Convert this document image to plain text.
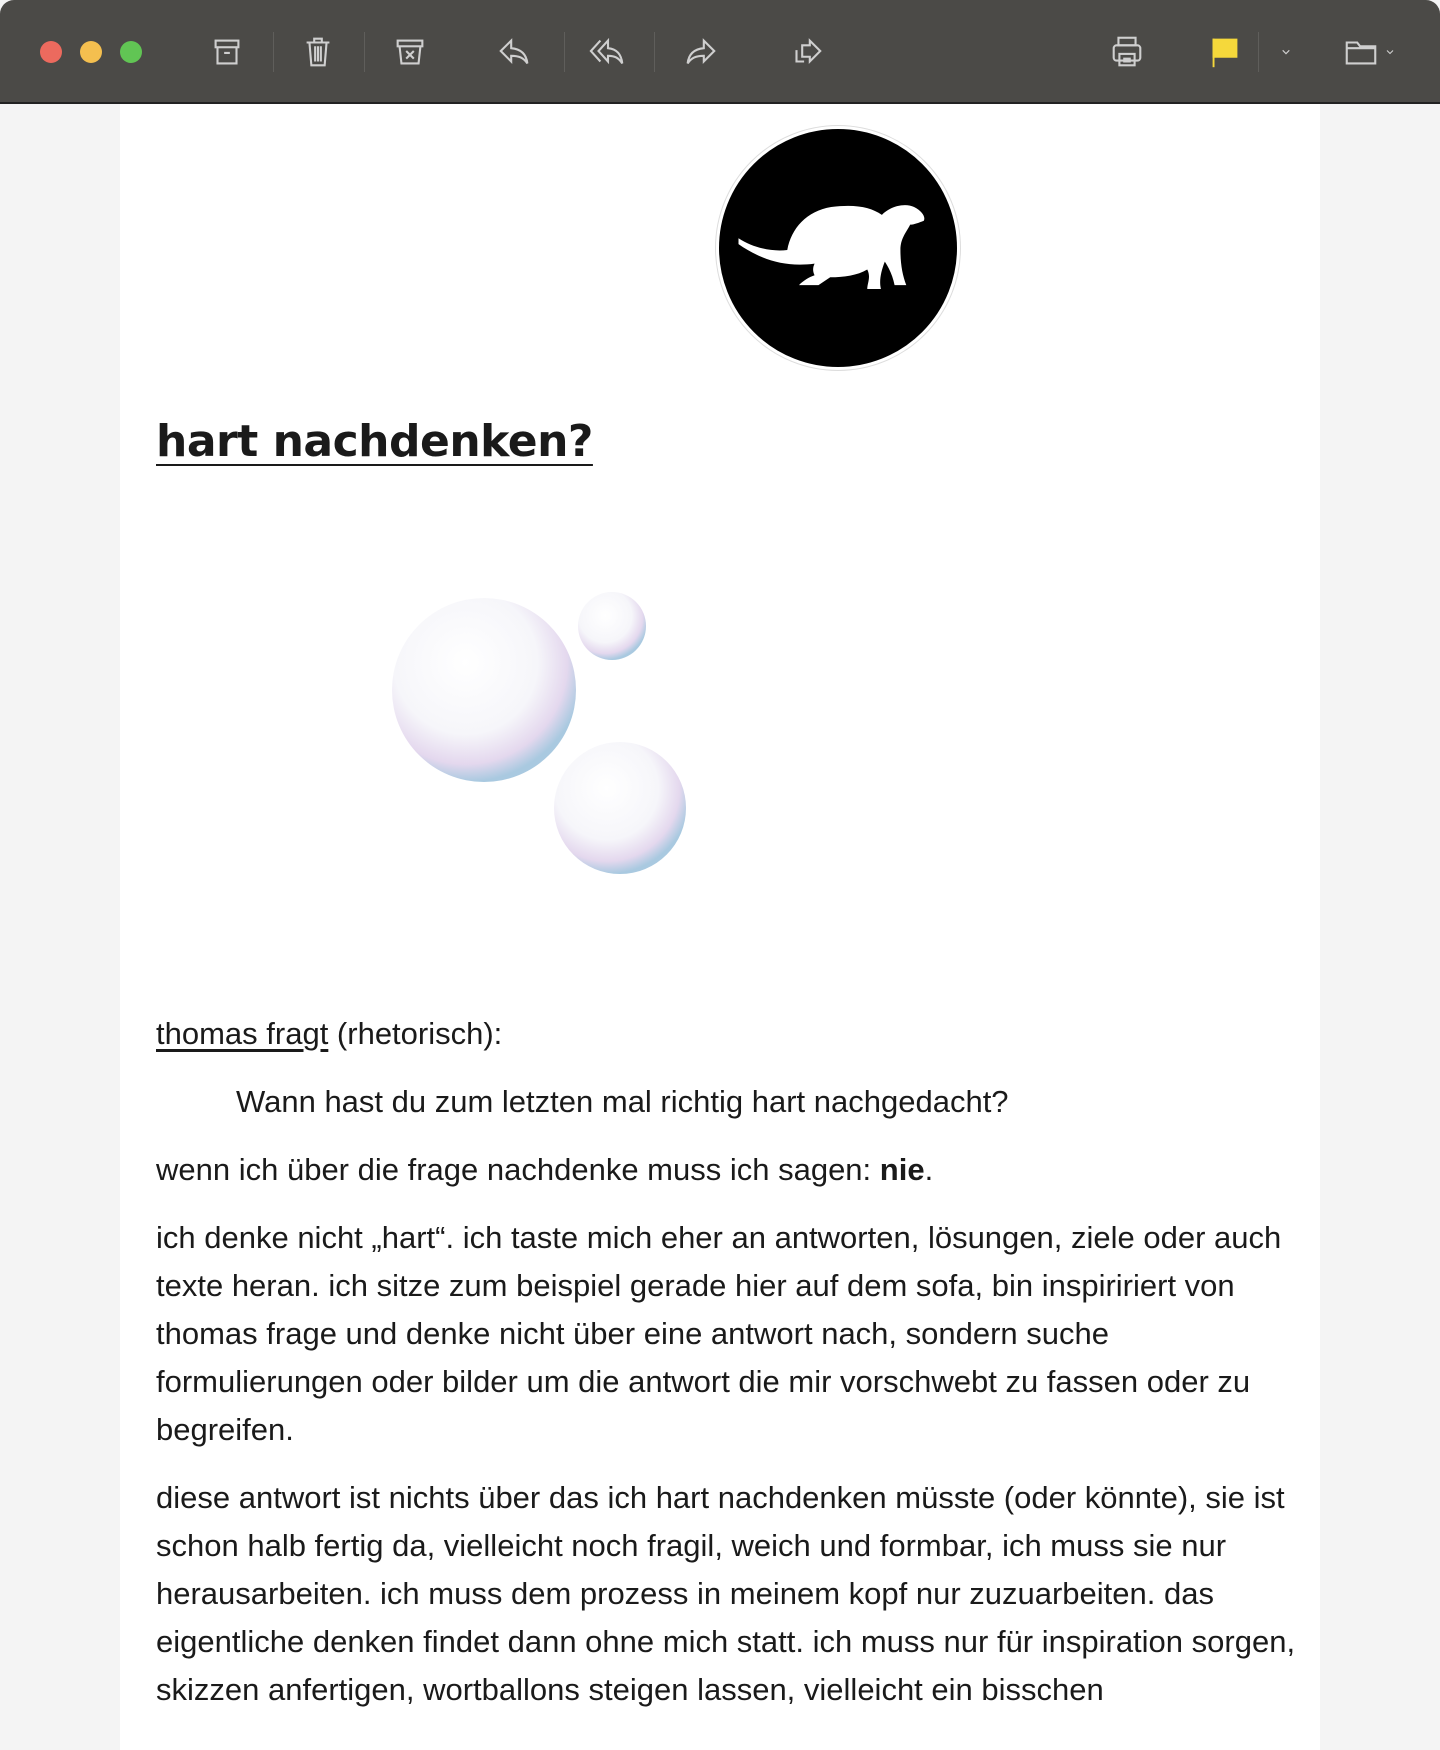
hart nachdenken?

thomas fragt (rhetorisch):

Wann hast du zum letzten mal richtig hart nachgedacht?

wenn ich über die frage nachdenke muss ich sagen: nie.

ich denke nicht „hart“. ich taste mich eher an antworten, lösungen, ziele oder auch texte heran. ich sitze zum beispiel gerade hier auf dem sofa, bin inspiririert von thomas frage und denke nicht über eine antwort nach, sondern suche formulierungen oder bilder um die antwort die mir vorschwebt zu fassen oder zu begreifen.

diese antwort ist nichts über das ich hart nachdenken müsste (oder könnte), sie ist schon halb fertig da, vielleicht noch fragil, weich und formbar, ich muss sie nur herausarbeiten. ich muss dem prozess in meinem kopf nur zuzuarbeiten. das eigentliche denken findet dann ohne mich statt. ich muss nur für inspiration sorgen, skizzen anfertigen, wortballons steigen lassen, vielleicht ein bisschen
